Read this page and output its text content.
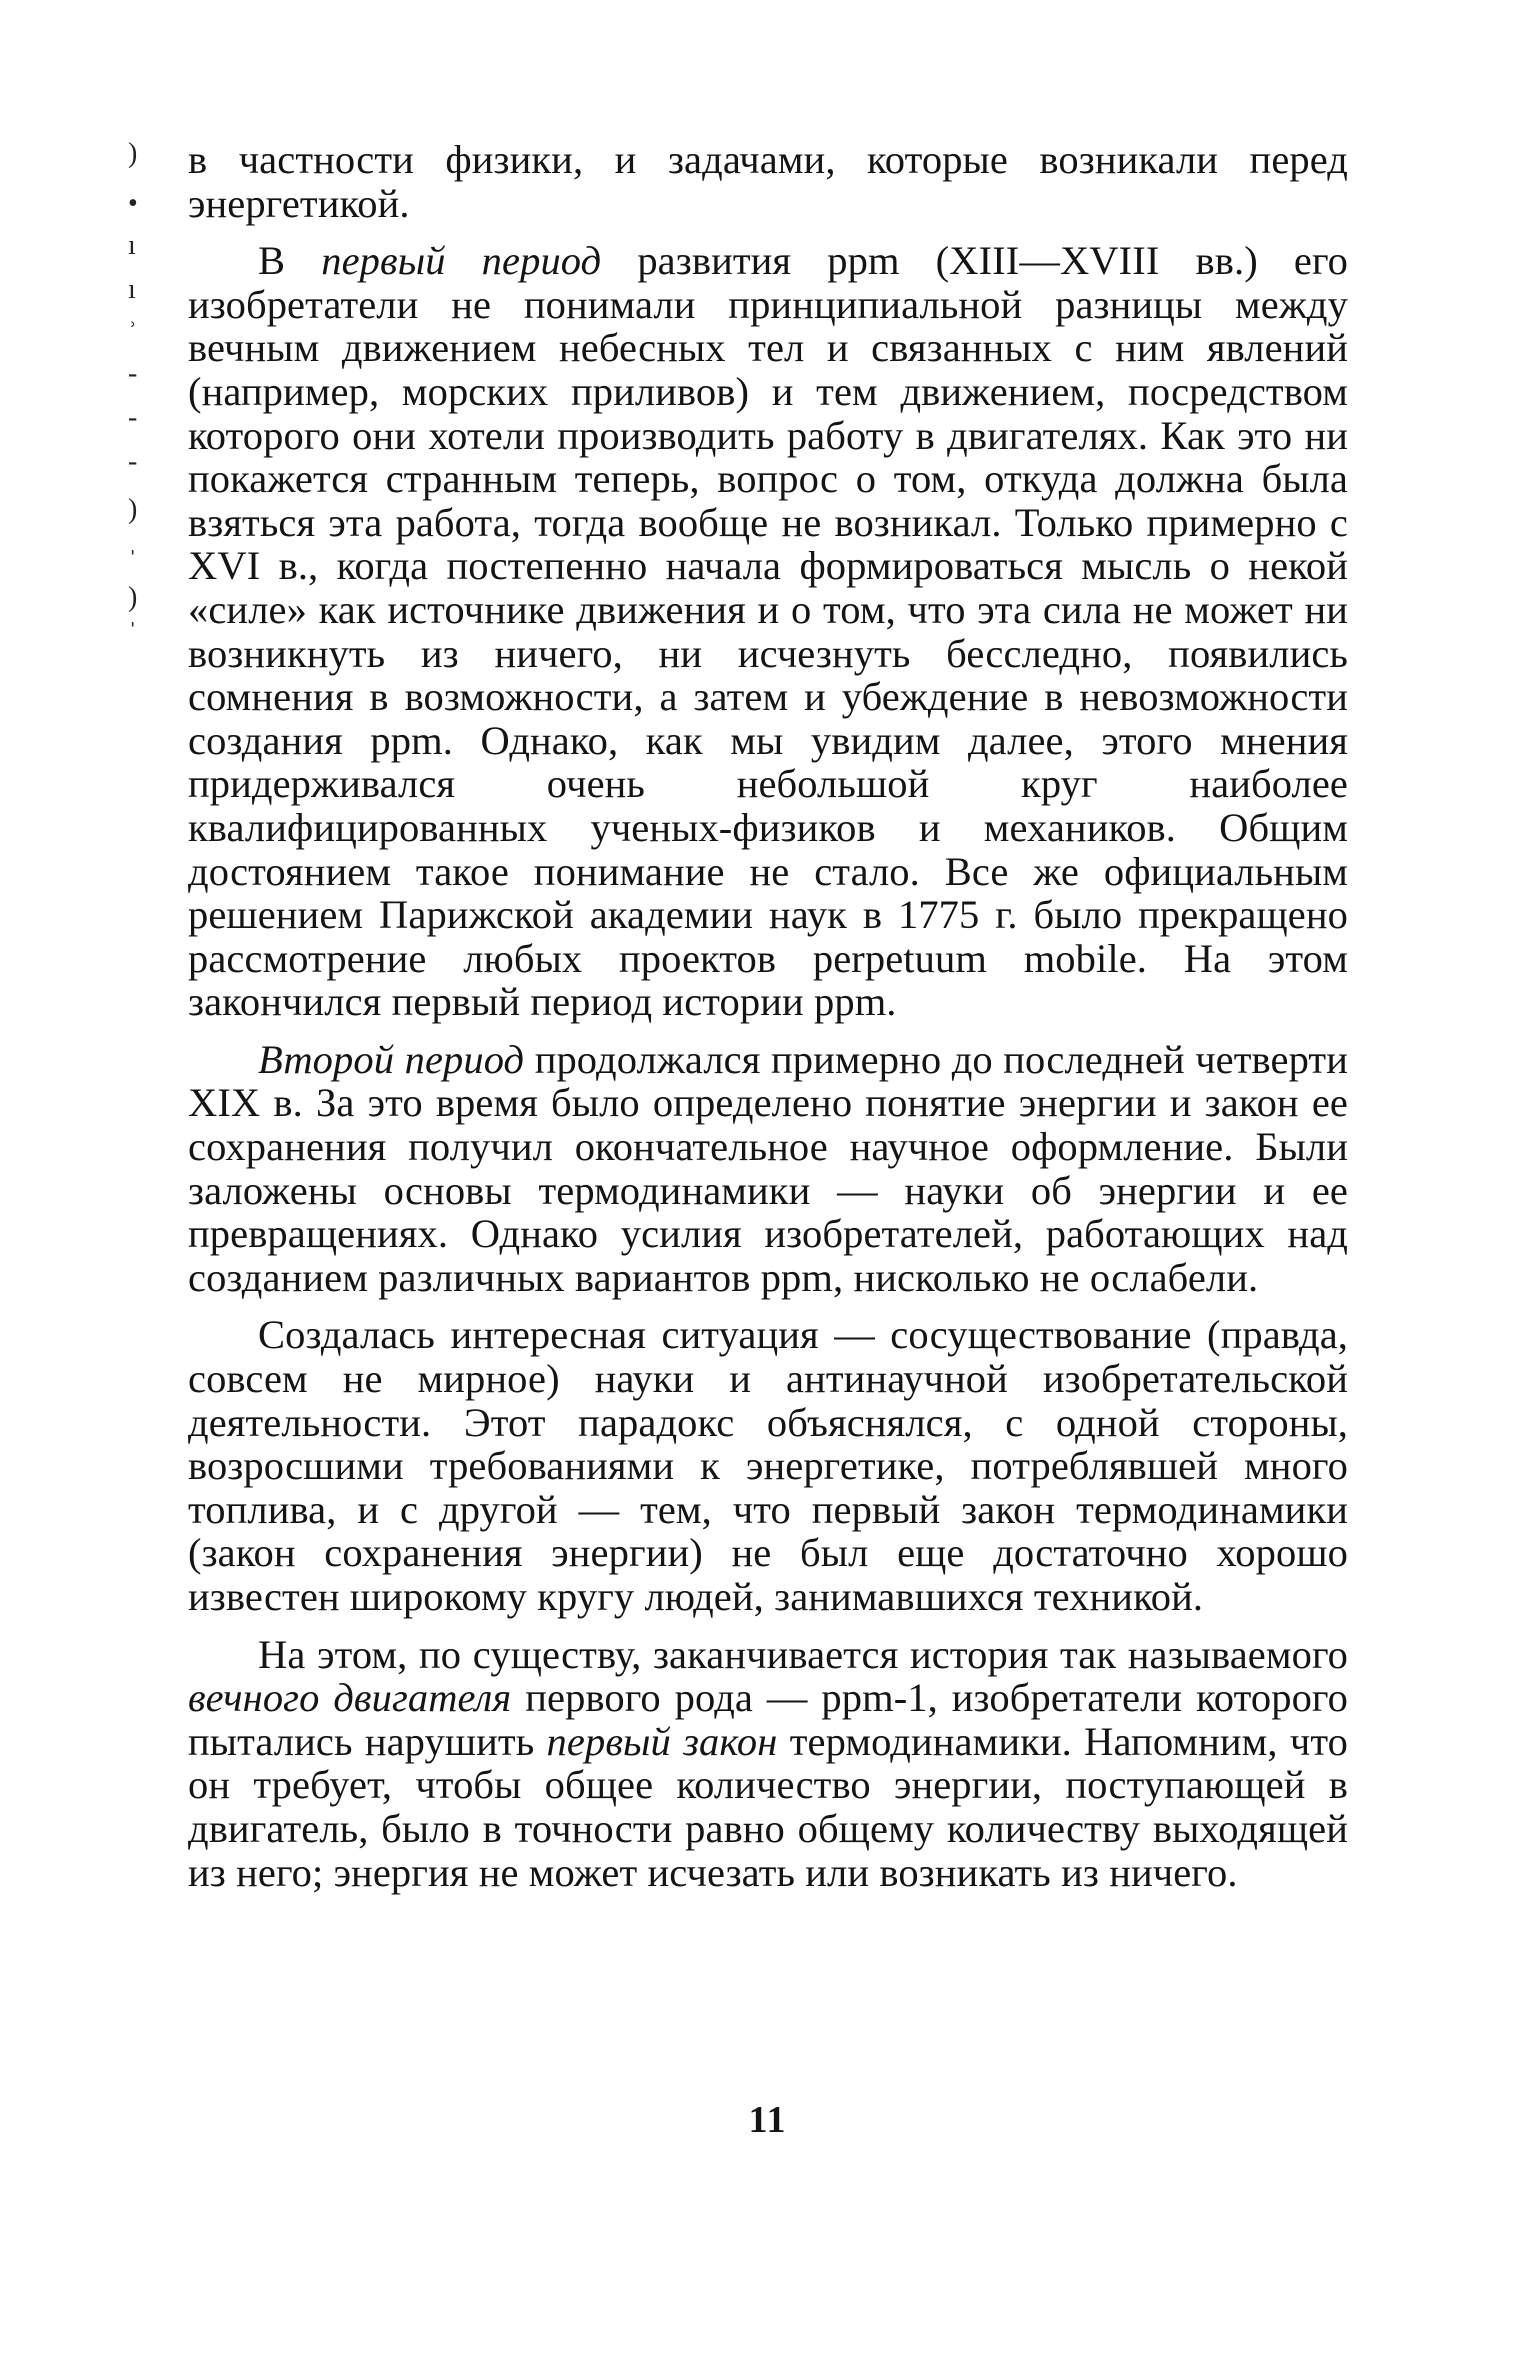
)
•
ı
ı
ʾ
-
-
-
)
ˈ
)
ˈ

в частности физики, и задачами, которые возникали перед энергетикой.

В первый период развития ppm (XIII—XVIII вв.) его изобретатели не понимали принципиальной разницы между вечным движением небесных тел и связанных с ним явлений (например, морских приливов) и тем движением, посредством которого они хотели производить работу в двигателях. Как это ни покажется странным теперь, вопрос о том, откуда должна была взяться эта работа, тогда вообще не возникал. Только примерно с XVI в., когда постепенно начала формироваться мысль о некой «силе» как источнике движения и о том, что эта сила не может ни возникнуть из ничего, ни исчезнуть бесследно, появились сомнения в возможности, а затем и убеждение в невозможности создания ppm. Однако, как мы увидим далее, этого мнения придерживался очень небольшой круг наиболее квалифицированных ученых-физиков и механиков. Общим достоянием такое понимание не стало. Все же официальным решением Парижской академии наук в 1775 г. было прекращено рассмотрение любых проектов perpetuum mobile. На этом закончился первый период истории ppm.

Второй период продолжался примерно до последней четверти XIX в. За это время было определено понятие энергии и закон ее сохранения получил окончательное научное оформление. Были заложены основы термодинамики — науки об энергии и ее превращениях. Однако усилия изобретателей, работающих над созданием различных вариантов ppm, нисколько не ослабели.

Создалась интересная ситуация — сосуществование (правда, совсем не мирное) науки и антинаучной изобретательской деятельности. Этот парадокс объяснялся, с одной стороны, возросшими требованиями к энергетике, потреблявшей много топлива, и с другой — тем, что первый закон термодинамики (закон сохранения энергии) не был еще достаточно хорошо известен широкому кругу людей, занимавшихся техникой.

На этом, по существу, заканчивается история так называемого вечного двигателя первого рода — ppm-1, изобретатели которого пытались нарушить первый закон термодинамики. Напомним, что он требует, чтобы общее количество энергии, поступающей в двигатель, было в точности равно общему количеству выходящей из него; энергия не может исчезать или возникать из ничего.

11
